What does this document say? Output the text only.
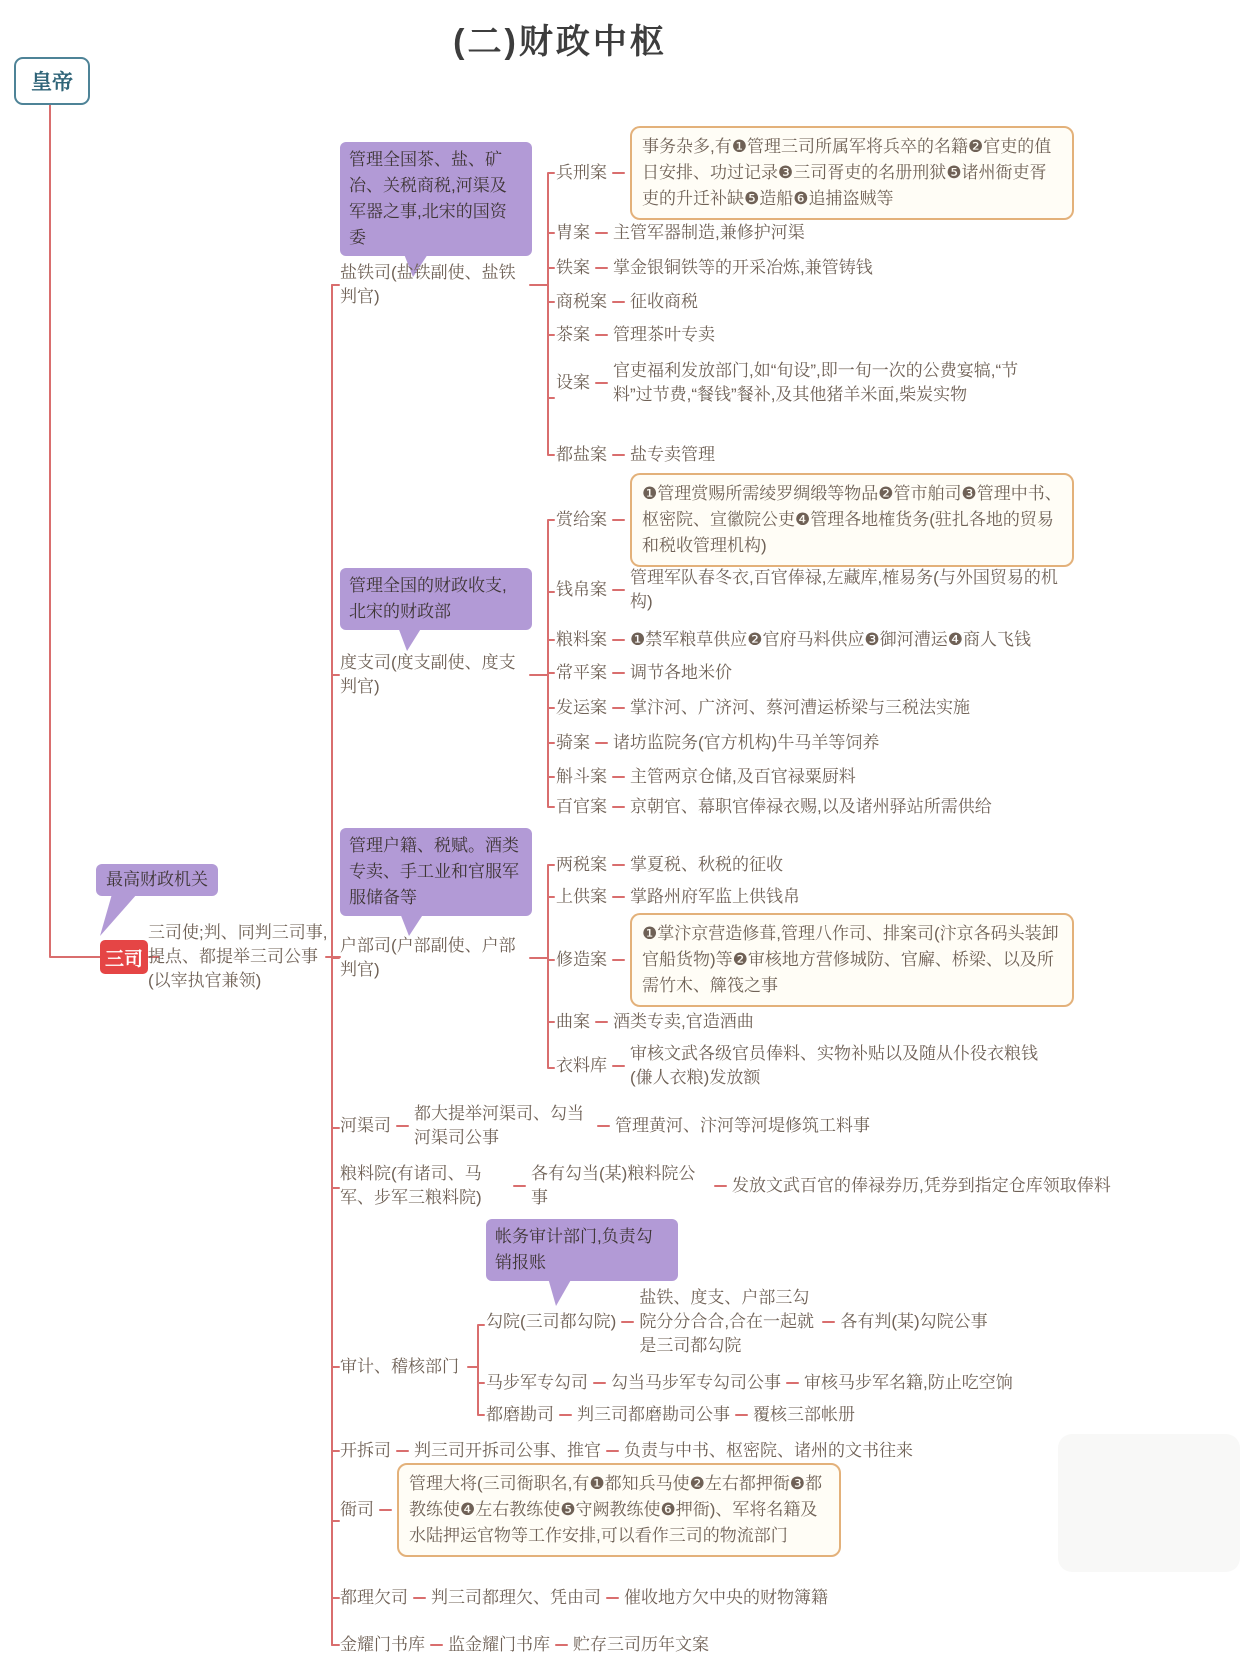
(二)财政中枢
皇帝
最高财政机关
三司
三司使;判、同判三司事,提点、都提举三司公事(以宰执官兼领)
管理全国茶、盐、矿冶、关税商税,河渠及军器之事,北宋的国资委
盐铁司(盐铁副使、盐铁判官)
兵刑案
事务杂多,有❶管理三司所属军将兵卒的名籍❷官吏的值日安排、功过记录❸三司胥吏的名册刑狱❺诸州衙吏胥吏的升迁补缺❺造船❻追捕盗贼等
胄案 主管军器制造,兼修护河渠
铁案 掌金银铜铁等的开采冶炼,兼管铸钱
商税案 征收商税
茶案 管理茶叶专卖
设案
官吏福利发放部门,如“旬设”,即一旬一次的公费宴犒,“节料”过节费,“餐钱”餐补,及其他猪羊米面,柴炭实物
都盐案 盐专卖管理
管理全国的财政收支,北宋的财政部
度支司(度支副使、度支判官)
赏给案
❶管理赏赐所需绫罗绸缎等物品❷管市舶司❸管理中书、枢密院、宣徽院公吏❹管理各地榷货务(驻扎各地的贸易和税收管理机构)
钱帛案
管理军队春冬衣,百官俸禄,左藏库,榷易务(与外国贸易的机构)
粮料案 ❶禁军粮草供应❷官府马料供应❸御河漕运❹商人飞钱
常平案 调节各地米价
发运案 掌汴河、广济河、蔡河漕运桥梁与三税法实施
骑案 诸坊监院务(官方机构)牛马羊等饲养
斛斗案 主管两京仓储,及百官禄粟厨料
百官案 京朝官、幕职官俸禄衣赐,以及诸州驿站所需供给
管理户籍、税赋。酒类专卖、手工业和官服军服储备等
户部司(户部副使、户部判官)
两税案 掌夏税、秋税的征收
上供案 掌路州府军监上供钱帛
修造案
❶掌汴京营造修葺,管理八作司、排案司(汴京各码头装卸官船货物)等❷审核地方营修城防、官廨、桥梁、以及所需竹木、簰筏之事
曲案 酒类专卖,官造酒曲
衣料库
审核文武各级官员俸料、实物补贴以及随从仆役衣粮钱(傔人衣粮)发放额
河渠司
都大提举河渠司、勾当河渠司公事
管理黄河、汴河等河堤修筑工料事
粮料院(有诸司、马军、步军三粮料院)
各有勾当(某)粮料院公事
发放文武百官的俸禄券历,凭券到指定仓库领取俸料
帐务审计部门,负责勾销报账
审计、稽核部门
勾院(三司都勾院)
盐铁、度支、户部三勾院分分合合,合在一起就是三司都勾院
各有判(某)勾院公事
马步军专勾司 勾当马步军专勾司公事 审核马步军名籍,防止吃空饷
都磨勘司 判三司都磨勘司公事 覆核三部帐册
开拆司 判三司开拆司公事、推官 负责与中书、枢密院、诸州的文书往来
衙司
管理大将(三司衙职名,有❶都知兵马使❷左右都押衙❸都教练使❹左右教练使❺守阙教练使❻押衙)、军将名籍及水陆押运官物等工作安排,可以看作三司的物流部门
都理欠司 判三司都理欠、凭由司 催收地方欠中央的财物簿籍
金耀门书库 监金耀门书库 贮存三司历年文案
